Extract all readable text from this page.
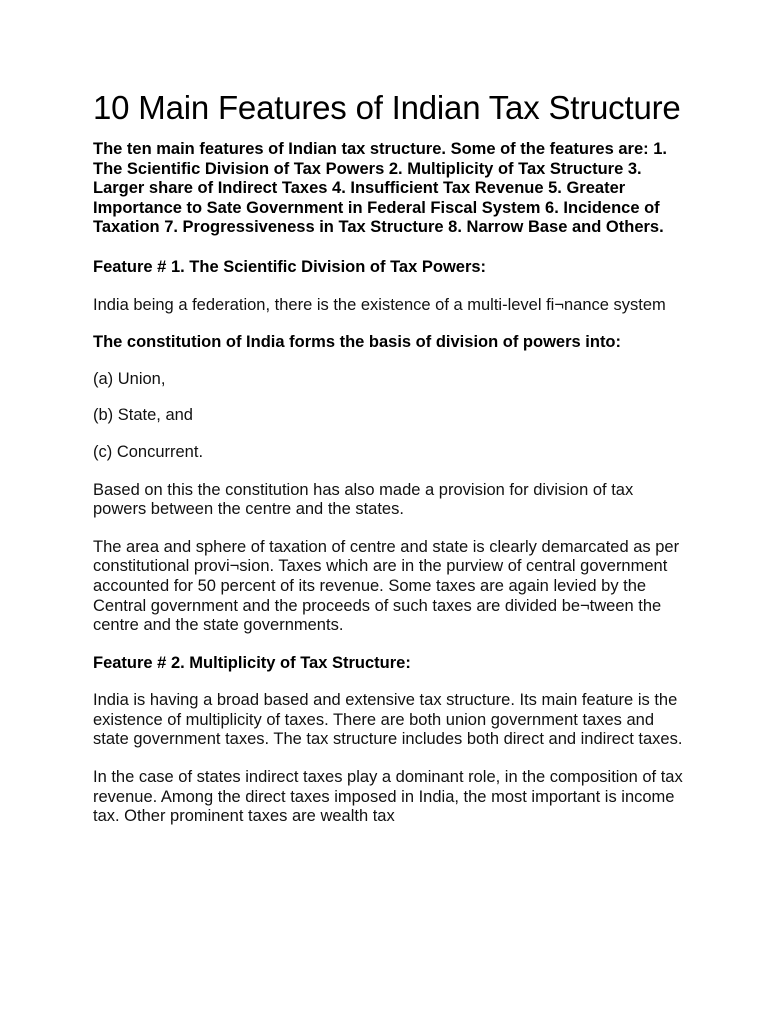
10 Main Features of Indian Tax Structure

The ten main features of Indian tax structure. Some of the features are: 1. The Scientific Division of Tax Powers 2. Multiplicity of Tax Structure 3. Larger share of Indirect Taxes 4. Insufficient Tax Revenue 5. Greater Importance to Sate Government in Federal Fiscal System 6. Incidence of Taxation 7. Progressiveness in Tax Structure 8. Narrow Base and Others.

Feature # 1. The Scientific Division of Tax Powers:

India being a federation, there is the existence of a multi-level fi¬nance system

The constitution of India forms the basis of division of powers into:

(a) Union,

(b) State, and

(c) Concurrent.

Based on this the constitution has also made a provision for division of tax powers between the centre and the states.

The area and sphere of taxation of centre and state is clearly demarcated as per constitutional provi¬sion. Taxes which are in the purview of central government accounted for 50 percent of its revenue. Some taxes are again levied by the Central government and the proceeds of such taxes are divided be¬tween the centre and the state governments.

Feature # 2. Multiplicity of Tax Structure:

India is having a broad based and extensive tax structure. Its main feature is the existence of multiplicity of taxes. There are both union government taxes and state government taxes. The tax structure includes both direct and indirect taxes.

In the case of states indirect taxes play a dominant role, in the composition of tax revenue. Among the direct taxes imposed in India, the most important is income tax. Other prominent taxes are wealth tax
